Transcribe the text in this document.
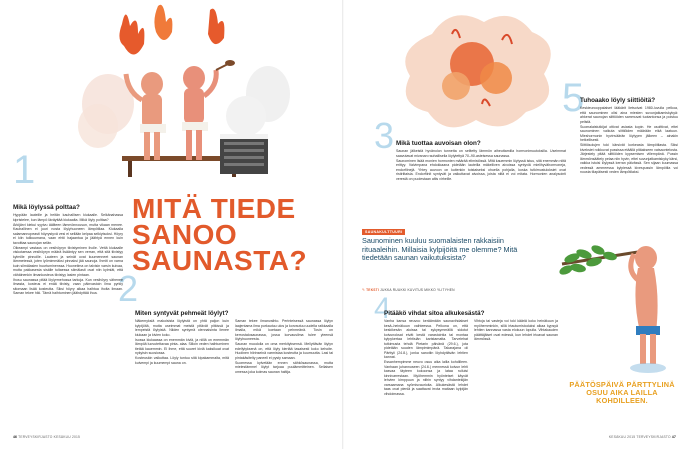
1
2
3
4
5
Mikä löylyssä polttaa?

Hyppään lauteille ja heitän kauhallisen kiukaalle. Selkänahassa kipristelee, kun lämpö läväyttää kiukaalta. Mikä löyly polttaa?

Ärkijärvi kiekui syytvu ääliteen lämmönnousun, mutta vikaan menee. Kauhallinen ei juuri nosta löylyhuoneen lämpötilaa. Kiukaalla salamannopeasti höyrystyvä vesi ei sellään kelpaa selkiytsoksi. Höyry ei kiin tulikuumana, vaan ehtii hajaantua ja jäähtyä ennen kuin tavoittaa saunojan selän.

Oikeampi vastaus on vesihöyryn tiivistyminen iholle. Vettä kiukaalle viskotaessa vesihöyryn määrä lisääntyy sen verran, että sitä tiivistyy kylmille pinnoille. Lauteen ja seinät ovat kuumenneet saunan lämmetessä, joten lyömimmäksi pinnaksi jää saunoja. Ihmiti on varna kuin silmälasien huurtuminenssa. Huoneilma on talvisin varsin kuivaa, mutta pakkasesta sisälle tultaessa silmälasit ovat niin kylmiät, että vähäinenkin ilmankosteus tiivistyy lasien pintaan.

Ihosu saunassa pitää löylyrmehossa tarkoja. Kun vesihöyry vähenee ilmasta, kosteus ei enää tiivisty, vaan päinvastoin ilma pyrkiy sitomaan lisää kosteutta. Siksi höyry alkaa haihtua iholta ilmaan. Saman tekee hiki. Tämä haihtuminen jäähdyttää ihoa.

MITÄ TIEDE
SANOO
SAUNASTA?
Miten syntyvät pehmeät löylyt?

Näkemyksiä makoisista löylyistä on yhtä paljon kuin kylpijöitä, mutta useimmat meistä pitävät pitkissä ja lempeistä löylyistä. Niiden syntymä olennaisinta lienee kiukaan ja kivien koko.

Isossa kiukaassa on enemmän kiviä, ja niillä on enemmän lämpöä luovutettavaa pinta- alaa. Silloin veden haihtuminen tietää kauemmin. Ei ihme, että suuret kiviä kaksikuat ovat nykyisin suosiossa.

Kosteuskin vaikuttaa. Löyly tuntuu sitä kipakammalta, mitä kuivempi ja kuumempi sauna on.

Saman tekee ilmanvaihto. Perinteisessä saunassa löylyn laajentama ilma purkautuu ulos ja korvautuu uudella raikkaalla ilmalla, mikä koetaan pehmeänä. Tosin on kerrostalosaunassa, jossa korvausilma tulee yleensä löylyhuoneesta.

Saunan muodolla on oma merkityksensä. Mellyttävän löylyn edellytyksenä on, että löyly kiertää tasaisesti koko kehoite. Huolinen hiirinseinä varmistaa kosteutta ja kuumuutta. Lasi tai pintakäsitelty paneeli ei pysty samaan.

Suomessa kylvetään ennen sähkösaunassa, mutta mielestämme! löylyt tarjoaa puulämmitteinen. Sellaisen omessa joka kolmas saunan haltija.

Mikä tuottaa auvoisan olon?

Saunan jälkeistä hyvänolon tunnetta on selitetty lämmön aiheuttamilla hormonimuutoksilla. Useimmat saavutavat mivanan rauhallisella löylytettyä 70–90-asteisessa saunassa.

Saunominen lisää monien hormonien määrää elimistössä. Mitä kauemmin löylyssä istuu, sitä enemmän niitä erittyy. Valvimpana ehdokkaana pidetään lauteilla mäkelliven aivoissa syntyviä mielihyvähormoneja, endorfiinejä. Yhtey auvoon on kuitenkin toistaiseksi ohuella pohjalla, koska tutkimustuloksiet ovat ristiriitaisia. Endorfiinit syntyvät ja vaikuttavat aivoissa, joista niitä ei voi mitata. Hormonien analysointi verestä on puolestaan altis virheille.

SAUNAKULTTUURI
Saunominen kuuluu suomalaisten rakkaisiin rituaaleihin. Millaisia kylpijöitä me olemme? Mitä tiedetään saunan vaikutuksista?
✎ TEKSTI JUKKA RUUKKI KUVITUS MIKKO YLITYHEN
Pitääkö vihdat sitoa alkukesästä?

Vanha kansa neuvoo keräämään saunavihdakset kesä–heinäkuun vaihteessa. Pelkona on, että keskikesän aluissa tai sykysymmällä sidotut koivunoksat eivät kestä varastointia tai montaa kylpykertaa lehtisiän karistamatta. Tarvelehat tutkimusta tehdä Pietarin päivänä (29.6.), jota pidetään suuden lämpimimpänä. Takarajana oli Pärttyli (24.8.), jonka sanotiin löyhdyttävän lehtien kannat.

Essanhempimme neuvo osuu aika lailla kohdilleen. Vanhaan juhannuseen (24.6.) mennessä koivun lehti kasvaa täyteen kokoonsa ja lataa ruiluisi kinnivarrestaan. Myöhemmin hyönteiset käyvät lehvien kimppuun ja niihin syntyy vihdantekijän varsaamana syömisvaurioita. Alkukesästä lehdet taas ovat pieniä ja saattavat irrota maitaan kylpijän vihdoimassa.

Vihtoja tai vasteja voi toki kääriä koko heinäkuun ja myöhemminkin, sillä irtautumistoduksi alkaa kypsyä lehtien kannassa vasta elokuun lopulla. Vihtakauden päättäjäiset ovat edessä, kun lehdet irtoavat saunan lämmössä.

PÄÄTÖSPÄIVÄ PÄRTTYLINÄ OSUU AIKA LAILLA KOHDILLEEN.
Tuhoaako löyly siittiöitä?

Keskieurooppalaiset lääkärit lietsoivat 1980-luvulla pelkoa, että saunominen olisi aina miesten suvunjatkamiskykyä: ahkerat saunojan siittiöiden sammuvat tuotantonsa ja poistuu pelistä.

Suomalaistutkijat ottivat asiasta kopin. He osoittivat, ettei saunominen vaikuta siittiöiden määrään eikä laatuun. Mieshormonin hyvinväärän löylyyen jälkeen – ainakin hetkellisesti.

Siittiösolujen toki kärsivät korkeasta lämpötilasta. Siksi kiveksiet roikkuvat pussissa etäällä pitäakseen vatsaontelosta. Järjestely pitää siittiöiden kypsemisen viilempänä. Pussin lämmönsäätely pelaa niin hyvin, ettei suvunjatkamiskyky kärsi, vaikka istuisi löylyssä kerran päivässä. Sen sijaan kuumassa vedessä ammeessa kylpiessä kivespussin lämpötila voi nousta tilapäisesti veden lämpötilaksi.

46 TERVEYSKIRJASTO KESÄKUU 2015	KESÄKUU 2015 TERVEYSKIRJASTO 47
